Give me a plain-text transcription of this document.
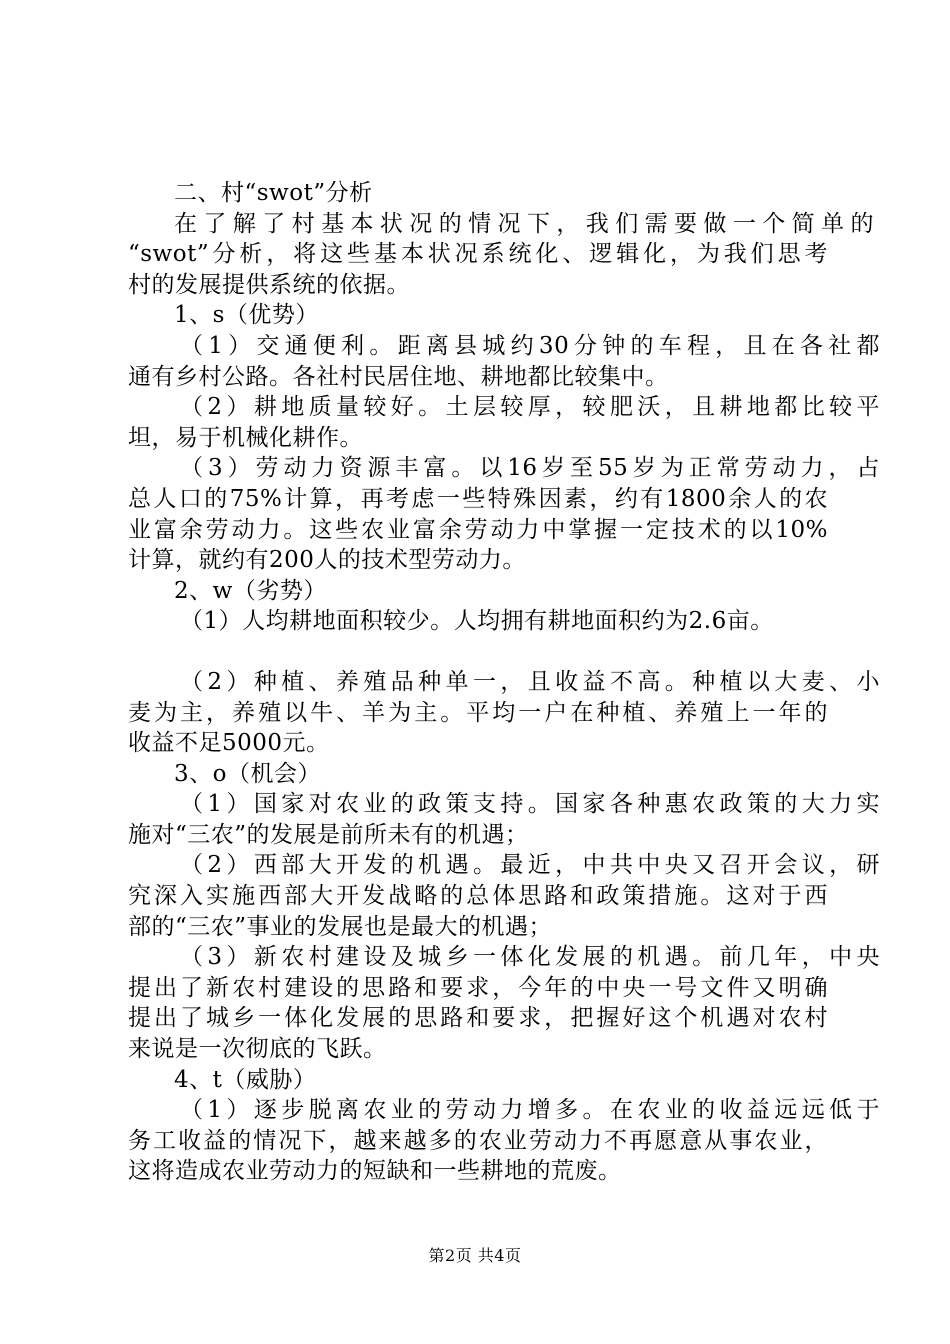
二、村“swot”分析
在了解了村基本状况的情况下，我们需要做一个简单的
“swot”分析，将这些基本状况系统化、逻辑化，为我们思考
村的发展提供系统的依据。
1、s（优势）
（1）交通便利。距离县城约30分钟的车程，且在各社都
通有乡村公路。各社村民居住地、耕地都比较集中。
（2）耕地质量较好。土层较厚，较肥沃，且耕地都比较平
坦，易于机械化耕作。
（3）劳动力资源丰富。以16岁至55岁为正常劳动力，占
总人口的75%计算，再考虑一些特殊因素，约有1800余人的农
业富余劳动力。这些农业富余劳动力中掌握一定技术的以10%
计算，就约有200人的技术型劳动力。
2、w（劣势）
（1）人均耕地面积较少。人均拥有耕地面积约为2.6亩。
（2）种植、养殖品种单一，且收益不高。种植以大麦、小
麦为主，养殖以牛、羊为主。平均一户在种植、养殖上一年的
收益不足5000元。
3、o（机会）
（1）国家对农业的政策支持。国家各种惠农政策的大力实
施对“三农”的发展是前所未有的机遇；
（2）西部大开发的机遇。最近，中共中央又召开会议，研
究深入实施西部大开发战略的总体思路和政策措施。这对于西
部的“三农”事业的发展也是最大的机遇；
（3）新农村建设及城乡一体化发展的机遇。前几年，中央
提出了新农村建设的思路和要求，今年的中央一号文件又明确
提出了城乡一体化发展的思路和要求，把握好这个机遇对农村
来说是一次彻底的飞跃。
4、t（威胁）
（1）逐步脱离农业的劳动力增多。在农业的收益远远低于
务工收益的情况下，越来越多的农业劳动力不再愿意从事农业，
这将造成农业劳动力的短缺和一些耕地的荒废。
第2页 共4页
